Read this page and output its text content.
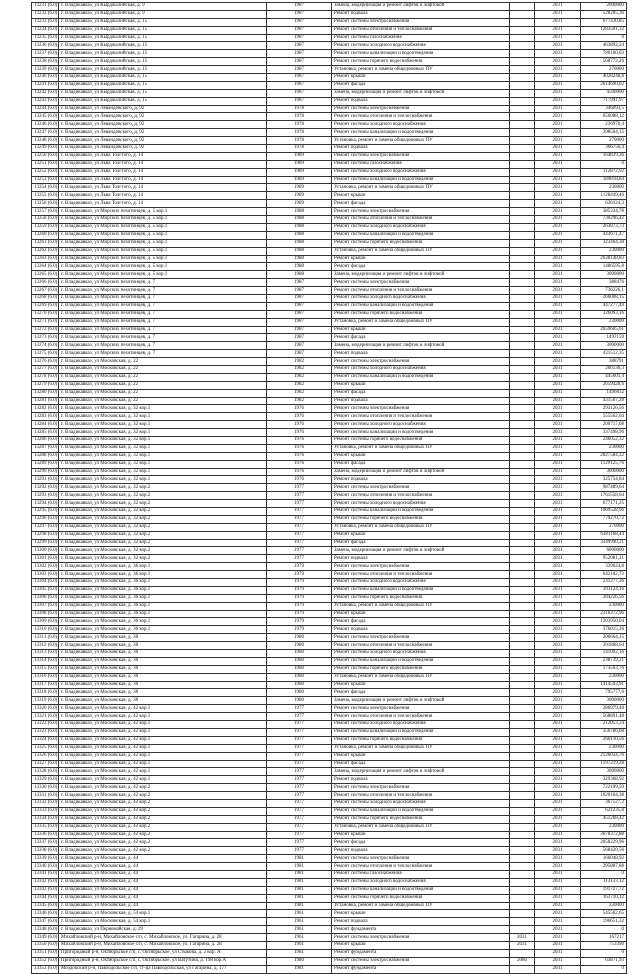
13231 (6.0)	г. Владикавказ, ул Кырджалийская, д. 9	1987	Замена, модернизация и ремонт лифтов и лифтовой		2031	2000000
13232 (6.0)	г. Владикавказ, ул Кырджалийская, д. 9	1987	Ремонт подвала		2031	528285,36
13233 (6.0)	г. Владикавказ, ул Кырджалийская, д. 15	1987	Ремонт системы электроснабжения		2031	677430,85
13234 (6.0)	г. Владикавказ, ул Кырджалийская, д. 15	1987	Ремонт системы отопления и теплоснабжения		2031	1283501,32
13235 (6.0)	г. Владикавказ, ул Кырджалийская, д. 15	1987	Ремонт системы газоснабжения		2031	0
13236 (6.0)	г. Владикавказ, ул Кырджалийская, д. 15	1987	Ремонт системы холодного водоснабжения		2031	463892,24
13237 (6.0)	г. Владикавказ, ул Кырджалийская, д. 15	1987	Ремонт системы канализации и водоотведения		2031	780160,03
13238 (6.0)	г. Владикавказ, ул Кырджалийская, д. 15	1987	Ремонт системы горячего водоснабжения		2031	568772,26
13239 (6.0)	г. Владикавказ, ул Кырджалийская, д. 15	1987	Установка, ремонт и замена общедомовых ПУ		2031	270000
13240 (6.0)	г. Владикавказ, ул Кырджалийская, д. 15	1987	Ремонт крыши		2031	4028248,8
13241 (6.0)	г. Владикавказ, ул Кырджалийская, д. 15	1987	Ремонт фасада		2031	2614690,02
13242 (6.0)	г. Владикавказ, ул Кырджалийская, д. 15	1987	Замена, модернизация и ремонт лифтов и лифтовой		2031	4500000
13243 (6.0)	г. Владикавказ, ул Кырджалийская, д. 15	1987	Ремонт подвала		2031	717991,97
13244 (6.0)	г. Владикавказ, ул Левандовского, д. 92	1978	Ремонт системы электроснабжения		2031	346093,5
13245 (6.0)	г. Владикавказ, ул Левандовского, д. 92	1978	Ремонт системы отопления и теплоснабжения		2031	656088,12
13246 (6.0)	г. Владикавказ, ул Левандовского, д. 92	1978	Ремонт системы холодного водоснабжения		2031	236970,4
13247 (6.0)	г. Владикавказ, ул Левандовского, д. 92	1978	Ремонт системы канализации и водоотведения		2031	398504,15
13248 (6.0)	г. Владикавказ, ул Левандовского, д. 92	1978	Установка, ремонт и замена общедомовых ПУ		2031	270000
13249 (6.0)	г. Владикавказ, ул Левандовского, д. 92	1978	Ремонт подвала		2031	366756,4
13250 (6.0)	г. Владикавказ, ул Льва Толстого, д. 14	1989	Ремонт системы электроснабжения		2031	164839,36
13251 (6.0)	г. Владикавказ, ул Льва Толстого, д. 14	1989	Ремонт системы газоснабжения		2031	0
13252 (6.0)	г. Владикавказ, ул Льва Толстого, д. 14	1989	Ремонт системы холодного водоснабжения		2031	112872,92
13253 (6.0)	г. Владикавказ, ул Льва Толстого, д. 14	1989	Ремонт системы канализации и водоотведения		2031	189818,84
13254 (6.0)	г. Владикавказ, ул Льва Толстого, д. 14	1989	Установка, ремонт и замена общедомовых ПУ		2031	230000
13255 (6.0)	г. Владикавказ, ул Льва Толстого, д. 14	1989	Ремонт крыши		2031	1128449,46
13256 (6.0)	г. Владикавказ, ул Льва Толстого, д. 14	1989	Ремонт фасада		2031	636124,3
13257 (6.0)	г. Владикавказ, ул Морских пехотинцев, д. 5 кор.1	1988	Ремонт системы электроснабжения		2031	385334,78
13258 (6.0)	г. Владикавказ, ул Морских пехотинцев, д. 5 кор.1	1988	Ремонт системы отопления и теплоснабжения		2031	730296,42
13259 (6.0)	г. Владикавказ, ул Морских пехотинцев, д. 5 кор.1	1988	Ремонт системы холодного водоснабжения		2031	263873,73
13260 (6.0)	г. Владикавказ, ул Морских пехотинцев, д. 5 кор.1	1988	Ремонт системы канализации и водоотведения		2031	443671,47
13261 (6.0)	г. Владикавказ, ул Морских пехотинцев, д. 5 кор.1	1988	Ремонт системы горячего водоснабжения		2031	323464,38
13262 (6.0)	г. Владикавказ, ул Морских пехотинцев, д. 5 кор.1	1988	Установка, ремонт и замена общедомовых ПУ		2031	230000
13263 (6.0)	г. Владикавказ, ул Морских пехотинцев, д. 5 кор.1	1988	Ремонт крыши		2031	2638148,83
13264 (6.0)	г. Владикавказ, ул Морских пехотинцев, д. 5 кор.1	1988	Ремонт фасада		2031	1486595,8
13265 (6.0)	г. Владикавказ, ул Морских пехотинцев, д. 5 кор.1	1988	Замена, модернизация и ремонт лифтов и лифтовой		2031	3000000
13266 (6.0)	г. Владикавказ, ул Морских пехотинцев, д. 7	1987	Ремонт системы электроснабжения		2031	388476
13267 (6.0)	г. Владикавказ, ул Морских пехотинцев, д. 7	1987	Ремонт системы отопления и теплоснабжения		2031	736226,1
13268 (6.0)	г. Владикавказ, ул Морских пехотинцев, д. 7	1987	Ремонт системы холодного водоснабжения		2031	266008,15
13269 (6.0)	г. Владикавказ, ул Морских пехотинцев, д. 7	1987	Ремонт системы канализации и водоотведения		2031	447277,49
13270 (6.0)	г. Владикавказ, ул Морских пехотинцев, д. 7	1987	Ремонт системы горячего водоснабжения		2031	326093,16
13271 (6.0)	г. Владикавказ, ул Морских пехотинцев, д. 7	1987	Установка, ремонт и замена общедомовых ПУ		2031	230000
13272 (6.0)	г. Владикавказ, ул Морских пехотинцев, д. 7	1987	Ремонт крыши		2031	2659605,61
13273 (6.0)	г. Владикавказ, ул Морских пехотинцев, д. 7	1987	Ремонт фасада		2031	1497159
13274 (6.0)	г. Владикавказ, ул Морских пехотинцев, д. 7	1987	Замена, модернизация и ремонт лифтов и лифтовой		2031	3000000
13275 (6.0)	г. Владикавказ, ул Морских пехотинцев, д. 7	1987	Ремонт подвала		2031	431512,35
13276 (6.0)	г. Владикавказ, ул Московская, д. 22	1982	Ремонт системы электроснабжения		2031	388791
13277 (6.0)	г. Владикавказ, ул Московская, д. 22	1982	Ремонт системы холодного водоснабжения		2031	266136,3
13278 (6.0)	г. Владикавказ, ул Московская, д. 22	1982	Ремонт системы канализации и водоотведения		2031	445601,4
13279 (6.0)	г. Владикавказ, ул Московская, д. 22	1982	Ремонт крыши		2031	2659428,6
13280 (6.0)	г. Владикавказ, ул Московская, д. 22	1982	Ремонт фасада		2031	1496832
13281 (6.0)	г. Владикавказ, ул Московская, д. 22	1982	Ремонт подвала		2031	431567,28
13282 (6.0)	г. Владикавказ, ул Московская, д. 32 кор.1	1976	Ремонт системы электроснабжения		2031	293126,56
13283 (6.0)	г. Владикавказ, ул Московская, д. 32 кор.1	1976	Ремонт системы отопления и теплоснабжения		2031	555562,04
13284 (6.0)	г. Владикавказ, ул Московская, д. 32 кор.1	1976	Ремонт системы холодного водоснабжения		2031	200717,08
13285 (6.0)	г. Владикавказ, ул Московская, д. 32 кор.1	1976	Ремонт системы канализации и водоотведения		2031	337498,96
13286 (6.0)	г. Владикавказ, ул Московская, д. 32 кор.1	1976	Ремонт системы горячего водоснабжения		2031	246052,32
13287 (6.0)	г. Владикавказ, ул Московская, д. 32 кор.1	1976	Установка, ремонт и замена общедомовых ПУ		2031	230000
13288 (6.0)	г. Владикавказ, ул Московская, д. 32 кор.1	1976	Ремонт крыши		2031	2027584,32
13289 (6.0)	г. Владикавказ, ул Московская, д. 32 кор.1	1976	Ремонт фасада		2031	1129125,76
13290 (6.0)	г. Владикавказ, ул Московская, д. 32 кор.1	1976	Замена, модернизация и ремонт лифтов и лифтовой		2031	3000000
13291 (6.0)	г. Владикавказ, ул Московская, д. 32 кор.1	1976	Ремонт подвала		2031	325754,84
13292 (6.0)	г. Владикавказ, ул Московская, д. 32 кор.2	1977	Ремонт системы электроснабжения		2031	987489,64
13293 (6.0)	г. Владикавказ, ул Московская, д. 32 кор.2	1977	Ремонт системы отопления и теплоснабжения		2031	1761558,64
13294 (6.0)	г. Владикавказ, ул Московская, д. 32 кор.2	1977	Ремонт системы холодного водоснабжения		2031	677171,25
13295 (6.0)	г. Владикавказ, ул Московская, д. 32 кор.2	1977	Ремонт системы канализации и водоотведения		2031	1069528,96
13296 (6.0)	г. Владикавказ, ул Московская, д. 32 кор.2	1977	Ремонт системы горячего водоснабжения		2031	779270,72
13297 (6.0)	г. Владикавказ, ул Московская, д. 32 кор.2	1977	Установка, ремонт и замена общедомовых ПУ		2031	270000
13298 (6.0)	г. Владикавказ, ул Московская, д. 32 кор.2	1977	Ремонт крыши		2031	6381168,44
13299 (6.0)	г. Владикавказ, ул Московская, д. 32 кор.2	1977	Ремонт фасада		2031	3349990,21
13300 (6.0)	г. Владикавказ, ул Московская, д. 32 кор.2	1977	Замена, модернизация и ремонт лифтов и лифтовой		2031	6000000
13301 (6.0)	г. Владикавказ, ул Московская, д. 32 кор.2	1977	Ремонт подвала		2031	952081,21
13302 (6.0)	г. Владикавказ, ул Московская, д. 36 кор.1	1979	Ремонт системы электроснабжения		2031	339624,8
13303 (6.0)	г. Владикавказ, ул Московская, д. 36 кор.1	1979	Ремонт системы отопления и теплоснабжения		2031	642182,72
13304 (6.0)	г. Владикавказ, ул Московская, д. 36 кор.1	1979	Ремонт системы холодного водоснабжения		2031	231277,36
13305 (6.0)	г. Владикавказ, ул Московская, д. 36 кор.1	1979	Ремонт системы канализации и водоотведения		2031	391124,16
13306 (6.0)	г. Владикавказ, ул Московская, д. 36 кор.1	1979	Ремонт системы горячего водоснабжения		2031	284226,56
13307 (6.0)	г. Владикавказ, ул Московская, д. 36 кор.1	1979	Установка, ремонт и замена общедомовых ПУ		2031	230000
13308 (6.0)	г. Владикавказ, ул Московская, д. 36 кор.1	1979	Ремонт крыши		2031	2316372,96
13309 (6.0)	г. Владикавказ, ул Московская, д. 36 кор.1	1979	Ремонт фасада		2031	1303950,04
13310 (6.0)	г. Владикавказ, ул Московская, д. 36 кор.1	1979	Ремонт подвала		2031	376015,36
13311 (6.0)	г. Владикавказ, ул Московская, д. 38	1980	Ремонт системы электроснабжения		2031	206664,15
13312 (6.0)	г. Владикавказ, ул Московская, д. 38	1980	Ремонт системы отопления и теплоснабжения		2031	391868,64
13313 (6.0)	г. Владикавказ, ул Московская, д. 38	1980	Ремонт системы холодного водоснабжения		2031	141092,16
13314 (6.0)	г. Владикавказ, ул Московская, д. 38	1980	Ремонт системы канализации и водоотведения		2031	238739,21
13315 (6.0)	г. Владикавказ, ул Московская, д. 38	1980	Ремонт системы горячего водоснабжения		2031	173563,76
13316 (6.0)	г. Владикавказ, ул Московская, д. 38	1980	Установка, ремонт и замена общедомовых ПУ		2031	230000
13317 (6.0)	г. Владикавказ, ул Московская, д. 38	1980	Ремонт крыши		2031	1414593,91
13318 (6.0)	г. Владикавказ, ул Московская, д. 38	1980	Ремонт фасада		2031	795777,6
13319 (6.0)	г. Владикавказ, ул Московская, д. 38	1980	Замена, модернизация и ремонт лифтов и лифтовой		2031	3000000
13320 (6.0)	г. Владикавказ, ул Московская, д. 42 кор.1	1977	Ремонт системы электроснабжения		2031	286979,48
13321 (6.0)	г. Владикавказ, ул Московская, д. 42 кор.1	1977	Ремонт системы отопления и теплоснабжения		2031	568891,48
13322 (6.0)	г. Владикавказ, ул Московская, д. 42 кор.1	1977	Ремонт системы холодного водоснабжения		2031	212053,24
13323 (6.0)	г. Владикавказ, ул Московская, д. 42 кор.1	1977	Ремонт системы канализации и водоотведения		2031	356786,68
13324 (6.0)	г. Владикавказ, ул Московская, д. 42 кор.1	1977	Ремонт системы горячего водоснабжения		2031	260110,56
13325 (6.0)	г. Владикавказ, ул Московская, д. 42 кор.1	1977	Установка, ремонт и замена общедомовых ПУ		2031	230000
13326 (6.0)	г. Владикавказ, ул Московская, д. 42 кор.1	1977	Ремонт крыши		2031	2126034,76
13327 (6.0)	г. Владикавказ, ул Московская, д. 42 кор.1	1977	Ремонт фасада		2031	1197219,28
13328 (6.0)	г. Владикавказ, ул Московская, д. 42 кор.1	1977	Замена, модернизация и ремонт лифтов и лифтовой		2031	3000000
13329 (6.0)	г. Владикавказ, ул Московская, д. 42 кор.1	1977	Ремонт подвала		2031	329368,92
13330 (6.0)	г. Владикавказ, ул Московская, д. 42 кор.2	1977	Ремонт системы электроснабжения		2031	722199,59
13331 (6.0)	г. Владикавказ, ул Московская, д. 42 кор.2	1977	Ремонт системы отопления и теплоснабжения		2031	1020164,38
13332 (6.0)	г. Владикавказ, ул Московская, д. 42 кор.2	1977	Ремонт системы холодного водоснабжения		2031	367527,2
13333 (6.0)	г. Владикавказ, ул Московская, д. 42 кор.2	1977	Ремонт системы канализации и водоотведения		2031	621235,8
13334 (6.0)	г. Владикавказ, ул Московская, д. 42 кор.2	1977	Ремонт системы горячего водоснабжения		2031	451268,42
13335 (6.0)	г. Владикавказ, ул Московская, д. 42 кор.2	1977	Установка, ремонт и замена общедомовых ПУ		2031	230000
13336 (6.0)	г. Владикавказ, ул Московская, д. 42 кор.2	1977	Ремонт крыши		2031	3678372,88
13337 (6.0)	г. Владикавказ, ул Московская, д. 42 кор.2	1977	Ремонт фасада		2031	2058229,96
13338 (6.0)	г. Владикавказ, ул Московская, д. 42 кор.2	1977	Ремонт подвала		2031	568420,56
13339 (6.0)	г. Владикавказ, ул Московская, д. 44	1981	Ремонт системы электроснабжения		2031	166048,92
13340 (6.0)	г. Владикавказ, ул Московская, д. 44	1981	Ремонт системы отопления и теплоснабжения		2031	295887,88
13341 (6.0)	г. Владикавказ, ул Московская, д. 44	1981	Ремонт системы газоснабжения		2031	0
13342 (6.0)	г. Владикавказ, ул Московская, д. 44	1981	Ремонт системы холодного водоснабжения		2031	113133,12
13343 (6.0)	г. Владикавказ, ул Московская, д. 44	1981	Ремонт системы канализации и водоотведения		2031	191727,72
13344 (6.0)	г. Владикавказ, ул Московская, д. 44	1981	Ремонт системы горячего водоснабжения		2031	163710,12
13345 (6.0)	г. Владикавказ, ул Московская, д. 44	1981	Установка, ремонт и замена общедомовых ПУ		2031	230000
13346 (6.0)	г. Владикавказ, ул Московская, д. 54 кор.1	1961	Ремонт крыши		2031	545562,65
13347 (6.0)	г. Владикавказ, ул Московская, д. 54 кор.1	1961	Ремонт подвала		2031	196651,32
13348 (6.0)	г. Владикавказ, ул Первомайская, д. 29	1961	Ремонт фундамента		2031	0
13349 (6.0)	Михайловский р-н, Михайловское с/п, с. Михайловское, ул. Гагарина, д. 28	1961	Ремонт системы электроснабжения	2031	2031	167217
13350 (6.0)	Михайловский р-н, Михайловское с/п, с. Михайловское, ул. Гагарина, д. 28	1961	Ремонт крыши	2031	2031	753390
13351 (6.0)	Пригородный р-н, Октябрьское с/п, с. Октябрьское, ул Стыкова, д. 2 кор. А	1981	Ремонт фундамента		2031	0
13352 (6.0)	Пригородный р-н, Октябрьское с/п, с. Октябрьское, ул Ватутина, д. 198 кор.А	1980	Ремонт системы электроснабжения	2080	2031	63871,93
13353 (6.0)	Моздокский р-н, Павлодольское с/п, ст-ца Павлодольская, ул Гагарина, д. 177	1981	Ремонт фундамента		2031	0
